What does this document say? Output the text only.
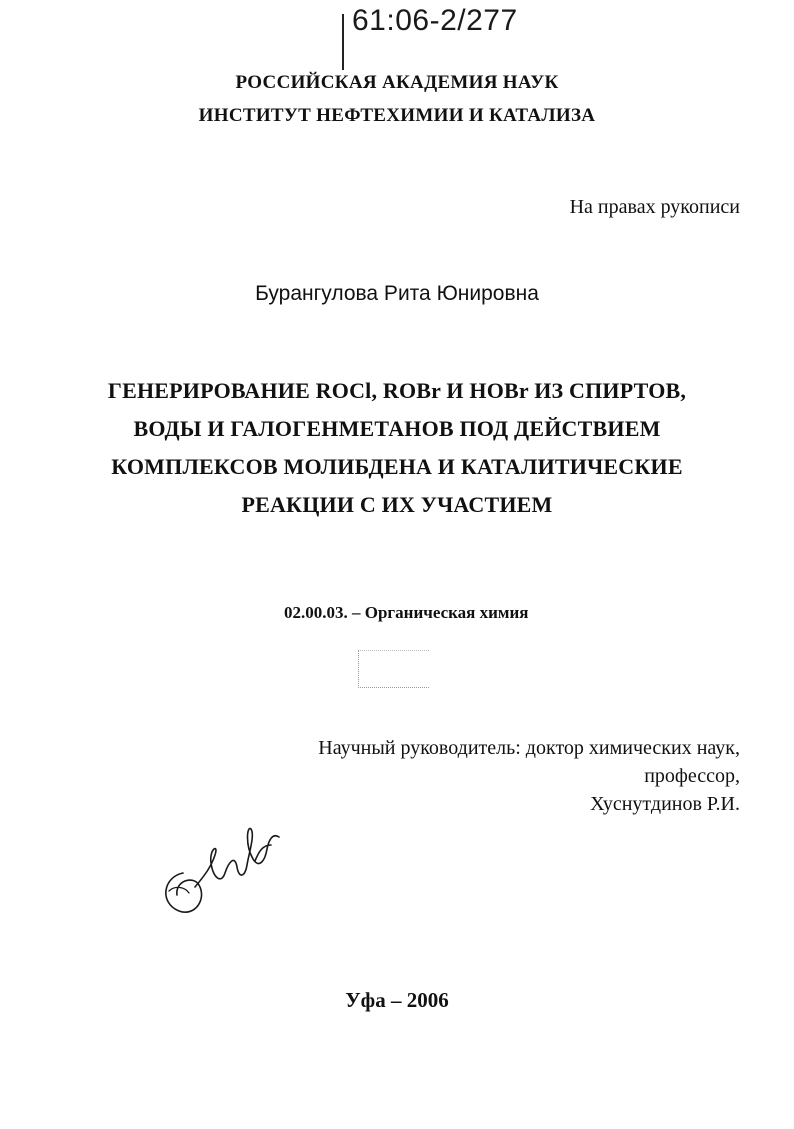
61:06-2/277
РОССИЙСКАЯ АКАДЕМИЯ НАУК
ИНСТИТУТ НЕФТЕХИМИИ И КАТАЛИЗА
На правах рукописи
Бурангулова Рита Юнировна
ГЕНЕРИРОВАНИЕ ROCl, ROBr И HOBr ИЗ СПИРТОВ,
ВОДЫ И ГАЛОГЕНМЕТАНОВ ПОД ДЕЙСТВИЕМ
КОМПЛЕКСОВ МОЛИБДЕНА И КАТАЛИТИЧЕСКИЕ
РЕАКЦИИ С ИХ УЧАСТИЕМ
02.00.03. – Органическая химия
Научный руководитель: доктор химических наук,
профессор,
Хуснутдинов Р.И.
Уфа – 2006
